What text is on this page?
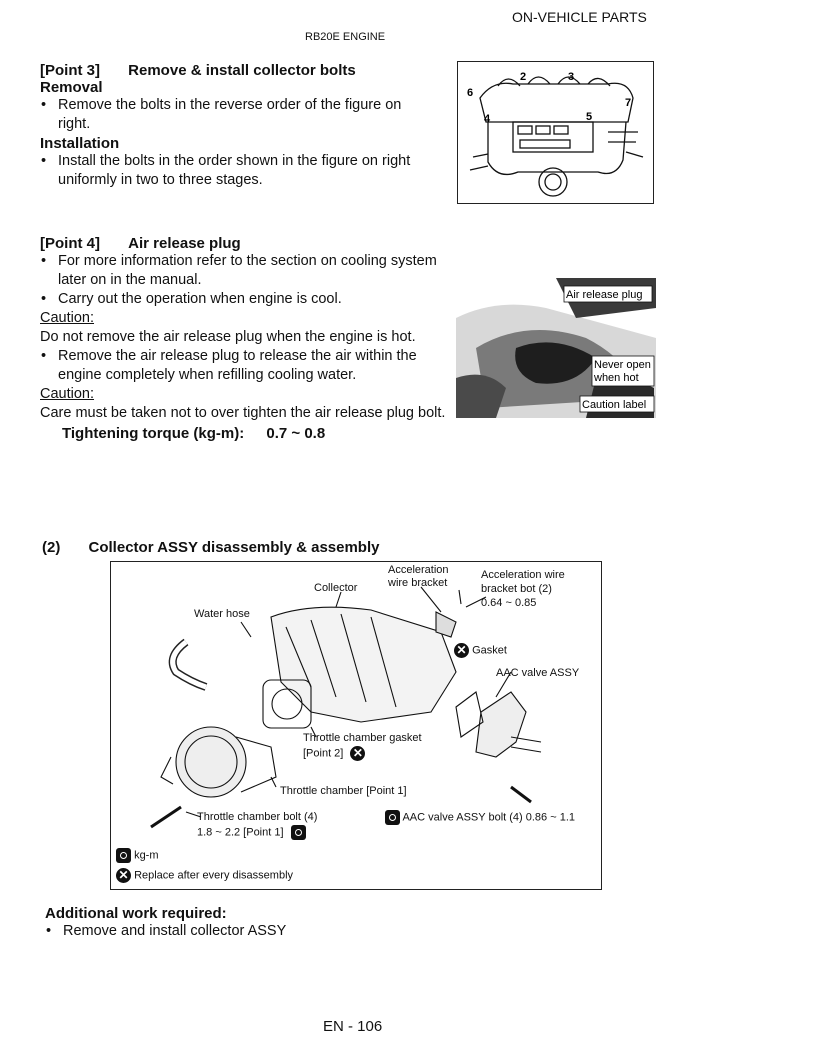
ON-VEHICLE PARTS
RB20E ENGINE
[Point 3] Remove & install collector bolts
Removal
• Remove the bolts in the reverse order of the figure on right.
Installation
• Install the bolts in the order shown in the figure on right uniformly in two to three stages.
2	3
6
7
4	5
[Point 4] Air release plug
• For more information refer to the section on cooling system later on in the manual.
• Carry out the operation when engine is cool.
Caution:
Do not remove the air release plug when the engine is hot.
• Remove the air release plug to release the air within the engine completely when refilling cooling water.
Caution:
Care must be taken not to over tighten the air release plug bolt.
Tightening torque (kg-m): 0.7 ~ 0.8
Air release plug
Never open
when hot
Caution label
(2) Collector ASSY disassembly & assembly
Acceleration
wire bracket
Acceleration wire
bracket bot (2)
0.64 ~ 0.85
Collector
Water hose
✕ Gasket
AAC valve ASSY
Throttle chamber gasket
[Point 2] ✕
Throttle chamber [Point 1]
Throttle chamber bolt (4)
1.8 ~ 2.2 [Point 1]
AAC valve ASSY bolt (4) 0.86 ~ 1.1
kg-m
✕ Replace after every disassembly
Additional work required:
• Remove and install collector ASSY
EN - 106
